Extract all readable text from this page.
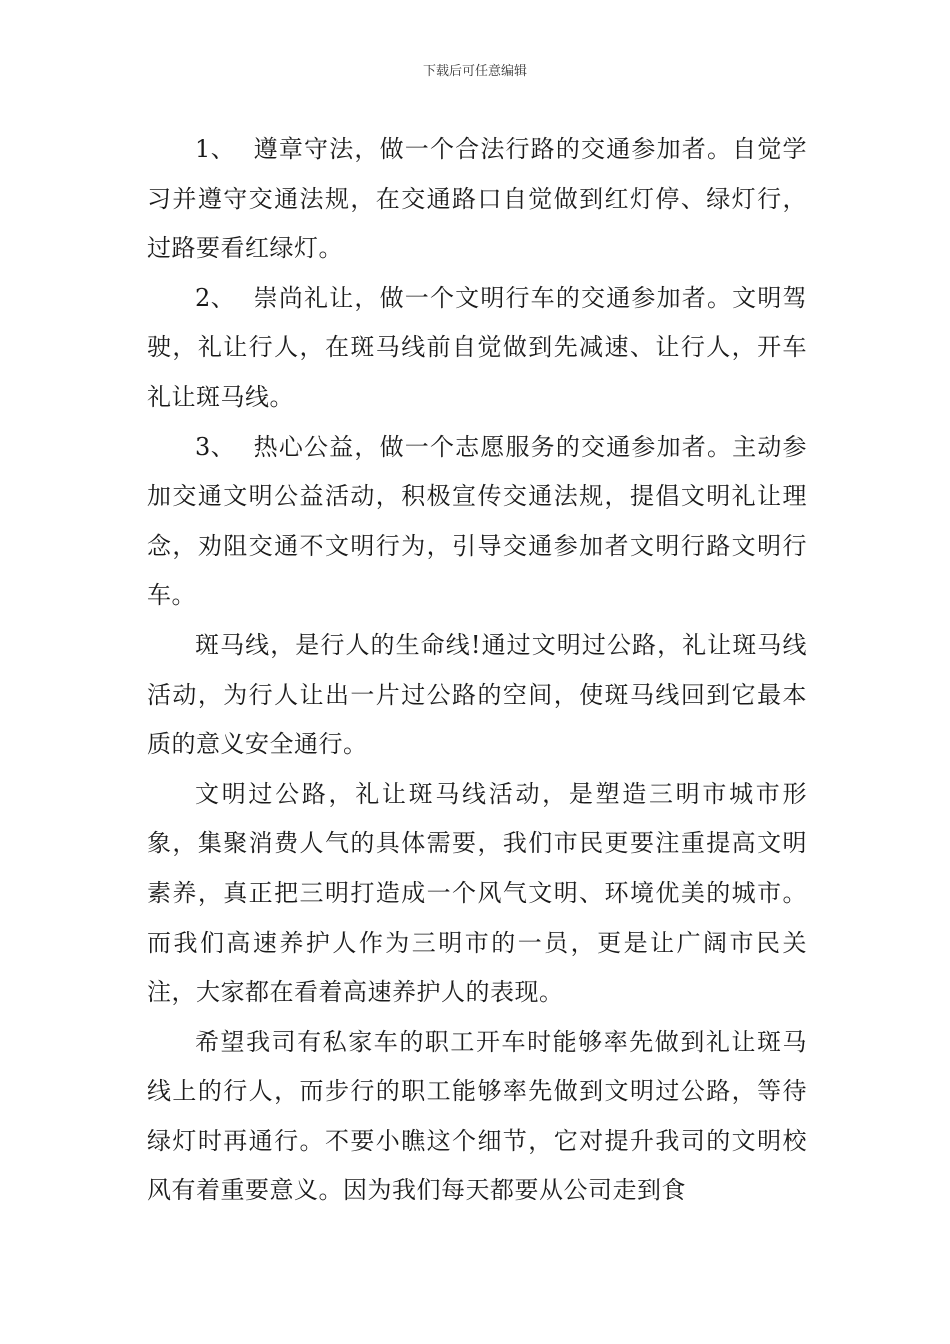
下载后可任意编辑

1、 遵章守法，做一个合法行路的交通参加者。自觉学习并遵守交通法规，在交通路口自觉做到红灯停、绿灯行，过路要看红绿灯。

2、 崇尚礼让，做一个文明行车的交通参加者。文明驾驶，礼让行人，在斑马线前自觉做到先减速、让行人，开车礼让斑马线。

3、 热心公益，做一个志愿服务的交通参加者。主动参加交通文明公益活动，积极宣传交通法规，提倡文明礼让理念，劝阻交通不文明行为，引导交通参加者文明行路文明行车。

斑马线，是行人的生命线!通过文明过公路，礼让斑马线活动，为行人让出一片过公路的空间，使斑马线回到它最本质的意义安全通行。

文明过公路，礼让斑马线活动，是塑造三明市城市形象，集聚消费人气的具体需要，我们市民更要注重提高文明素养，真正把三明打造成一个风气文明、环境优美的城市。而我们高速养护人作为三明市的一员，更是让广阔市民关注，大家都在看着高速养护人的表现。

希望我司有私家车的职工开车时能够率先做到礼让斑马线上的行人，而步行的职工能够率先做到文明过公路，等待绿灯时再通行。不要小瞧这个细节，它对提升我司的文明校风有着重要意义。因为我们每天都要从公司走到食
